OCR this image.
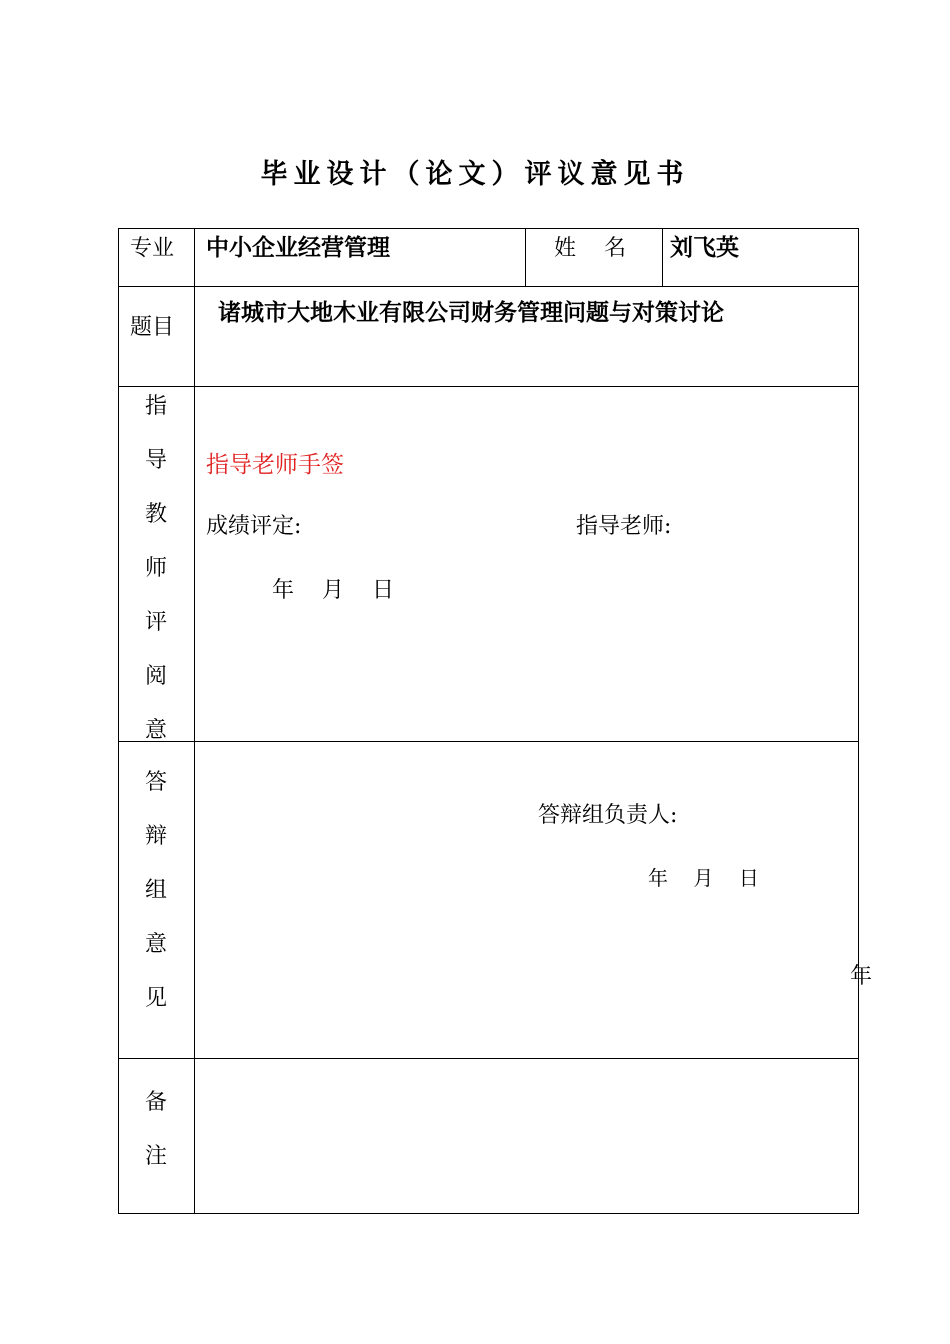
毕业设计（论文）评议意见书
专业 中小企业经营管理	姓    名 刘飞英
题目
诸城市大地木业有限公司财务管理问题与对策讨论
指
导
教
师
评
阅
意
指导老师手签
成绩评定:	指导老师:
年    月    日
答
辩
组
意
见
答辩组负责人:
年    月    日
年
备
注
